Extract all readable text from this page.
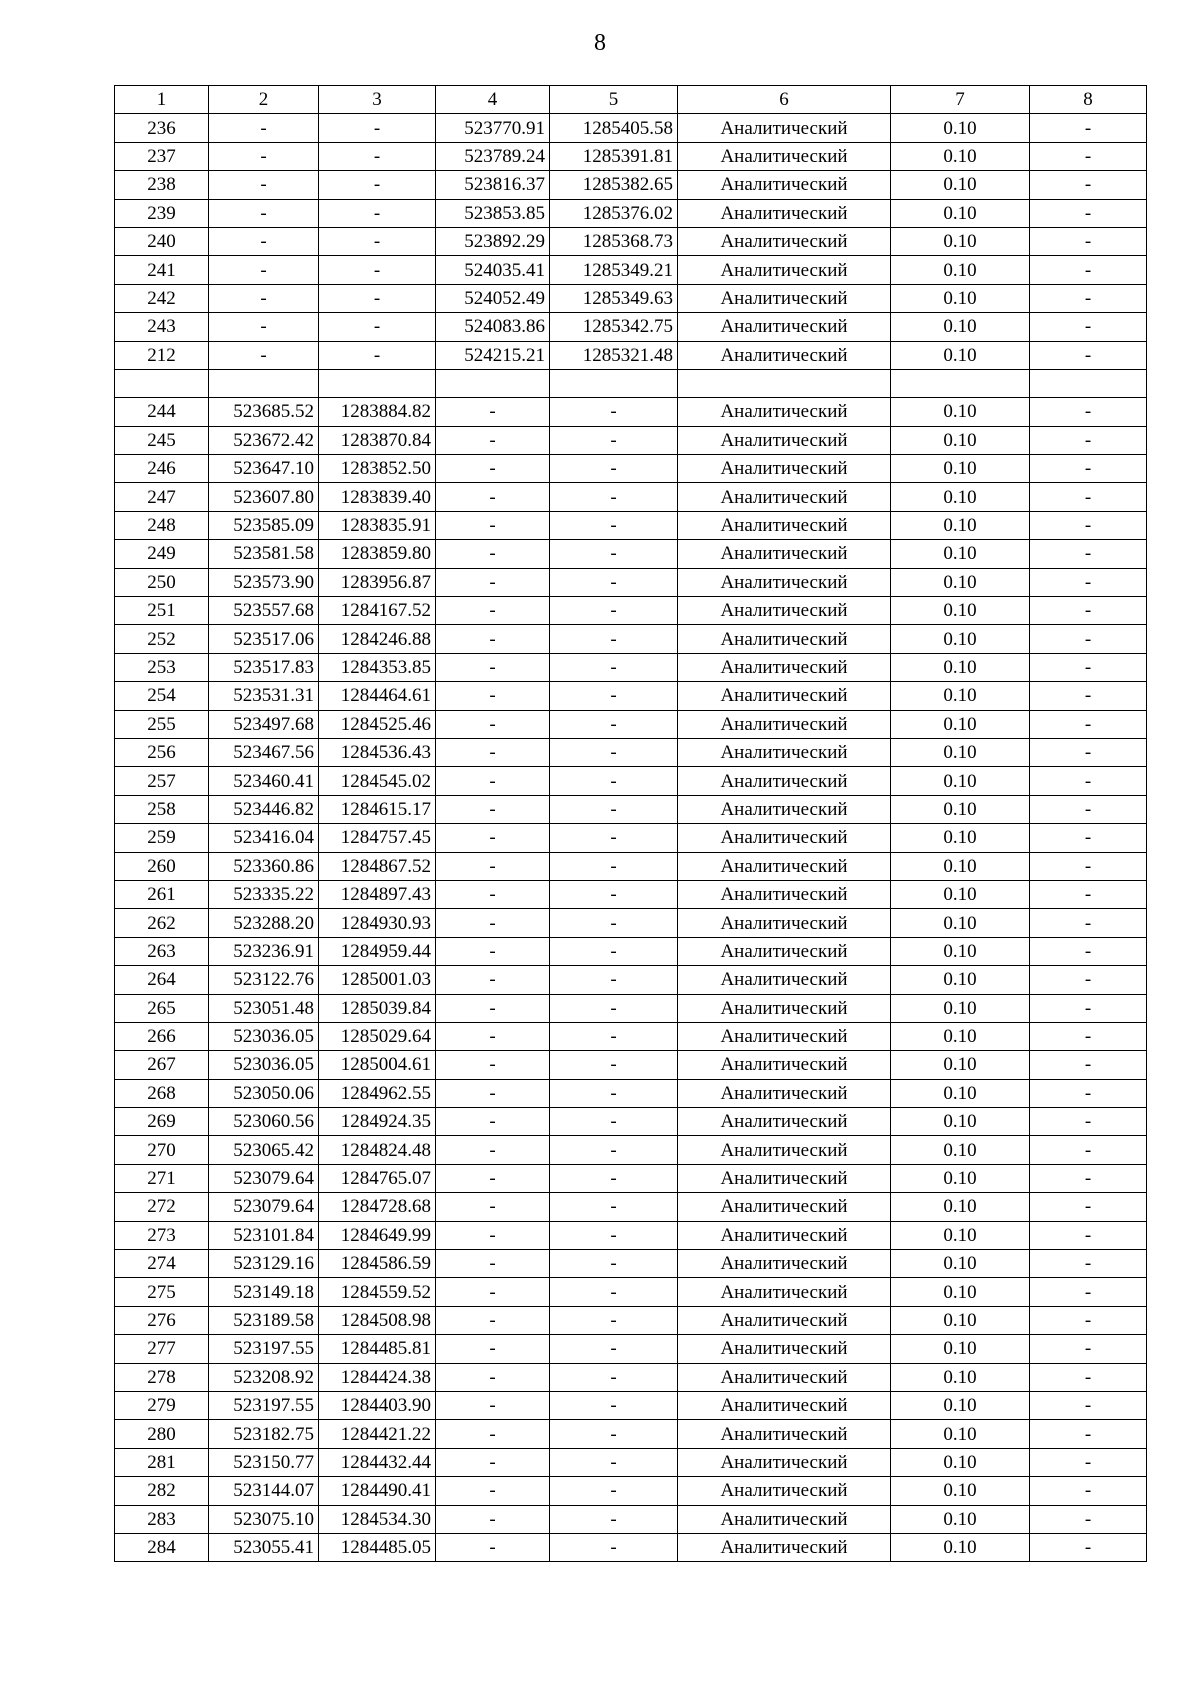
8
1	2	3	4	5	6	7	8
236	-	-	523770.91	1285405.58	Аналитический	0.10	-
237	-	-	523789.24	1285391.81	Аналитический	0.10	-
238	-	-	523816.37	1285382.65	Аналитический	0.10	-
239	-	-	523853.85	1285376.02	Аналитический	0.10	-
240	-	-	523892.29	1285368.73	Аналитический	0.10	-
241	-	-	524035.41	1285349.21	Аналитический	0.10	-
242	-	-	524052.49	1285349.63	Аналитический	0.10	-
243	-	-	524083.86	1285342.75	Аналитический	0.10	-
212	-	-	524215.21	1285321.48	Аналитический	0.10	-

244	523685.52	1283884.82	-	-	Аналитический	0.10	-
245	523672.42	1283870.84	-	-	Аналитический	0.10	-
246	523647.10	1283852.50	-	-	Аналитический	0.10	-
247	523607.80	1283839.40	-	-	Аналитический	0.10	-
248	523585.09	1283835.91	-	-	Аналитический	0.10	-
249	523581.58	1283859.80	-	-	Аналитический	0.10	-
250	523573.90	1283956.87	-	-	Аналитический	0.10	-
251	523557.68	1284167.52	-	-	Аналитический	0.10	-
252	523517.06	1284246.88	-	-	Аналитический	0.10	-
253	523517.83	1284353.85	-	-	Аналитический	0.10	-
254	523531.31	1284464.61	-	-	Аналитический	0.10	-
255	523497.68	1284525.46	-	-	Аналитический	0.10	-
256	523467.56	1284536.43	-	-	Аналитический	0.10	-
257	523460.41	1284545.02	-	-	Аналитический	0.10	-
258	523446.82	1284615.17	-	-	Аналитический	0.10	-
259	523416.04	1284757.45	-	-	Аналитический	0.10	-
260	523360.86	1284867.52	-	-	Аналитический	0.10	-
261	523335.22	1284897.43	-	-	Аналитический	0.10	-
262	523288.20	1284930.93	-	-	Аналитический	0.10	-
263	523236.91	1284959.44	-	-	Аналитический	0.10	-
264	523122.76	1285001.03	-	-	Аналитический	0.10	-
265	523051.48	1285039.84	-	-	Аналитический	0.10	-
266	523036.05	1285029.64	-	-	Аналитический	0.10	-
267	523036.05	1285004.61	-	-	Аналитический	0.10	-
268	523050.06	1284962.55	-	-	Аналитический	0.10	-
269	523060.56	1284924.35	-	-	Аналитический	0.10	-
270	523065.42	1284824.48	-	-	Аналитический	0.10	-
271	523079.64	1284765.07	-	-	Аналитический	0.10	-
272	523079.64	1284728.68	-	-	Аналитический	0.10	-
273	523101.84	1284649.99	-	-	Аналитический	0.10	-
274	523129.16	1284586.59	-	-	Аналитический	0.10	-
275	523149.18	1284559.52	-	-	Аналитический	0.10	-
276	523189.58	1284508.98	-	-	Аналитический	0.10	-
277	523197.55	1284485.81	-	-	Аналитический	0.10	-
278	523208.92	1284424.38	-	-	Аналитический	0.10	-
279	523197.55	1284403.90	-	-	Аналитический	0.10	-
280	523182.75	1284421.22	-	-	Аналитический	0.10	-
281	523150.77	1284432.44	-	-	Аналитический	0.10	-
282	523144.07	1284490.41	-	-	Аналитический	0.10	-
283	523075.10	1284534.30	-	-	Аналитический	0.10	-
284	523055.41	1284485.05	-	-	Аналитический	0.10	-
